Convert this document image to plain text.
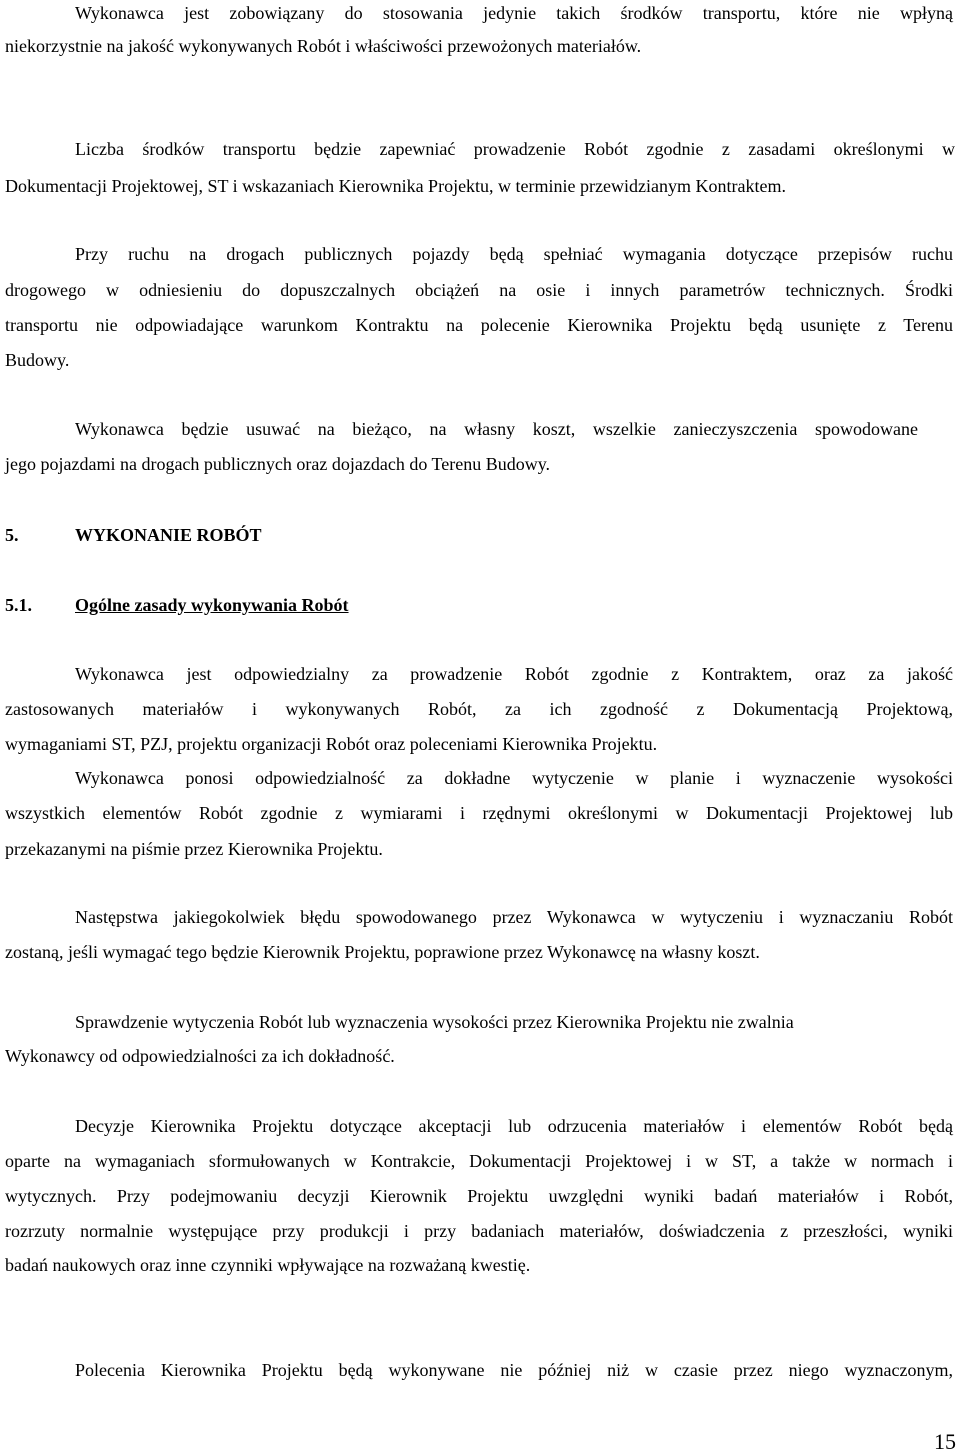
Wykonawca jest zobowiązany do stosowania jedynie takich środków transportu, które nie wpłyną
niekorzystnie na jakość wykonywanych Robót i właściwości przewożonych materiałów.
Liczba środków transportu będzie zapewniać prowadzenie Robót zgodnie z zasadami określonymi w
Dokumentacji Projektowej, ST i wskazaniach Kierownika Projektu, w terminie przewidzianym Kontraktem.
Przy ruchu na drogach publicznych pojazdy będą spełniać wymagania dotyczące przepisów ruchu
drogowego w odniesieniu do dopuszczalnych obciążeń na osie i innych parametrów technicznych. Środki
transportu nie odpowiadające warunkom Kontraktu na polecenie Kierownika Projektu będą usunięte z Terenu
Budowy.
Wykonawca będzie usuwać na bieżąco, na własny koszt, wszelkie zanieczyszczenia spowodowane
jego pojazdami na drogach publicznych oraz dojazdach do Terenu Budowy.
5.	WYKONANIE ROBÓT
5.1. Ogólne zasady wykonywania Robót
Wykonawca jest odpowiedzialny za prowadzenie Robót zgodnie z Kontraktem, oraz za jakość
zastosowanych materiałów i wykonywanych Robót, za ich zgodność z Dokumentacją Projektową,
wymaganiami ST, PZJ, projektu organizacji Robót oraz poleceniami Kierownika Projektu.
Wykonawca ponosi odpowiedzialność za dokładne wytyczenie w planie i wyznaczenie wysokości
wszystkich elementów Robót zgodnie z wymiarami i rzędnymi określonymi w Dokumentacji Projektowej lub
przekazanymi na piśmie przez Kierownika Projektu.
Następstwa jakiegokolwiek błędu spowodowanego przez Wykonawca w wytyczeniu i wyznaczaniu Robót
zostaną, jeśli wymagać tego będzie Kierownik Projektu, poprawione przez Wykonawcę na własny koszt.
Sprawdzenie wytyczenia Robót lub wyznaczenia wysokości przez Kierownika Projektu nie zwalnia
Wykonawcy od odpowiedzialności za ich dokładność.
Decyzje Kierownika Projektu dotyczące akceptacji lub odrzucenia materiałów i elementów Robót będą
oparte na wymaganiach sformułowanych w Kontrakcie, Dokumentacji Projektowej i w ST, a także w normach i
wytycznych. Przy podejmowaniu decyzji Kierownik Projektu uwzględni wyniki badań materiałów i Robót,
rozrzuty normalnie występujące przy produkcji i przy badaniach materiałów, doświadczenia z przeszłości, wyniki
badań naukowych oraz inne czynniki wpływające na rozważaną kwestię.
Polecenia Kierownika Projektu będą wykonywane nie później niż w czasie przez niego wyznaczonym,
15
